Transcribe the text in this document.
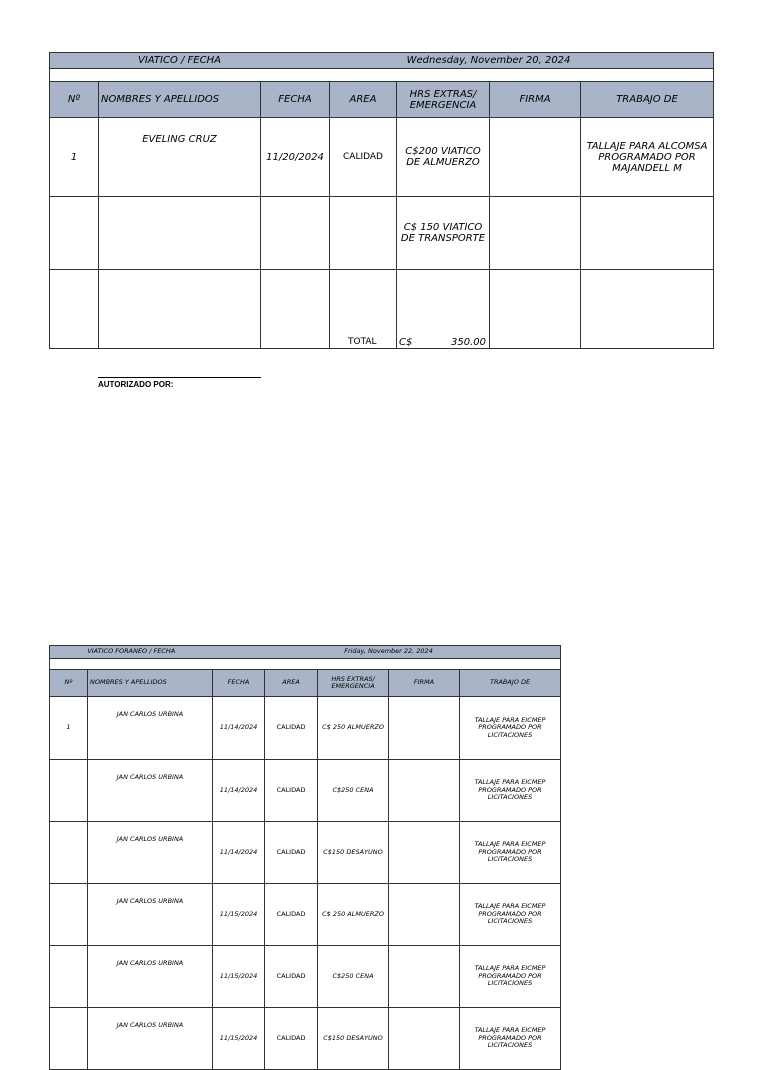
	VIATICO / FECHA			Wednesday, November 20, 2024		

Nº	NOMBRES Y APELLIDOS	FECHA	AREA	HRS EXTRAS/ EMERGENCIA	FIRMA	TRABAJO DE
1	EVELING CRUZ	11/20/2024	CALIDAD	C$200 VIATICO DE ALMUERZO		TALLAJE PARA ALCOMSA PROGRAMADO POR MAJANDELL M
				C$ 150 VIATICO DE TRANSPORTE		

TOTAL C$	350.00
AUTORIZADO POR:
VIATICO FORANEO / FECHA				Friday, November 22, 2024		

Nº	NOMBRES Y APELLIDOS	FECHA	AREA	HRS EXTRAS/ EMERGENCIA	FIRMA	TRABAJO DE
1	JAN CARLOS URBINA	11/14/2024	CALIDAD	C$ 250 ALMUERZO		TALLAJE PARA EICMEP PROGRAMADO POR LICITACIONES
	JAN CARLOS URBINA	11/14/2024	CALIDAD	C$250 CENA		TALLAJE PARA EICMEP PROGRAMADO POR LICITACIONES
	JAN CARLOS URBINA	11/14/2024	CALIDAD	C$150 DESAYUNO		TALLAJE PARA EICMEP PROGRAMADO POR LICITACIONES
	JAN CARLOS URBINA	11/15/2024	CALIDAD	C$ 250 ALMUERZO		TALLAJE PARA EICMEP PROGRAMADO POR LICITACIONES
	JAN CARLOS URBINA	11/15/2024	CALIDAD	C$250 CENA		TALLAJE PARA EICMEP PROGRAMADO POR LICITACIONES
	JAN CARLOS URBINA	11/15/2024	CALIDAD	C$150 DESAYUNO		TALLAJE PARA EICMEP PROGRAMADO POR LICITACIONES
